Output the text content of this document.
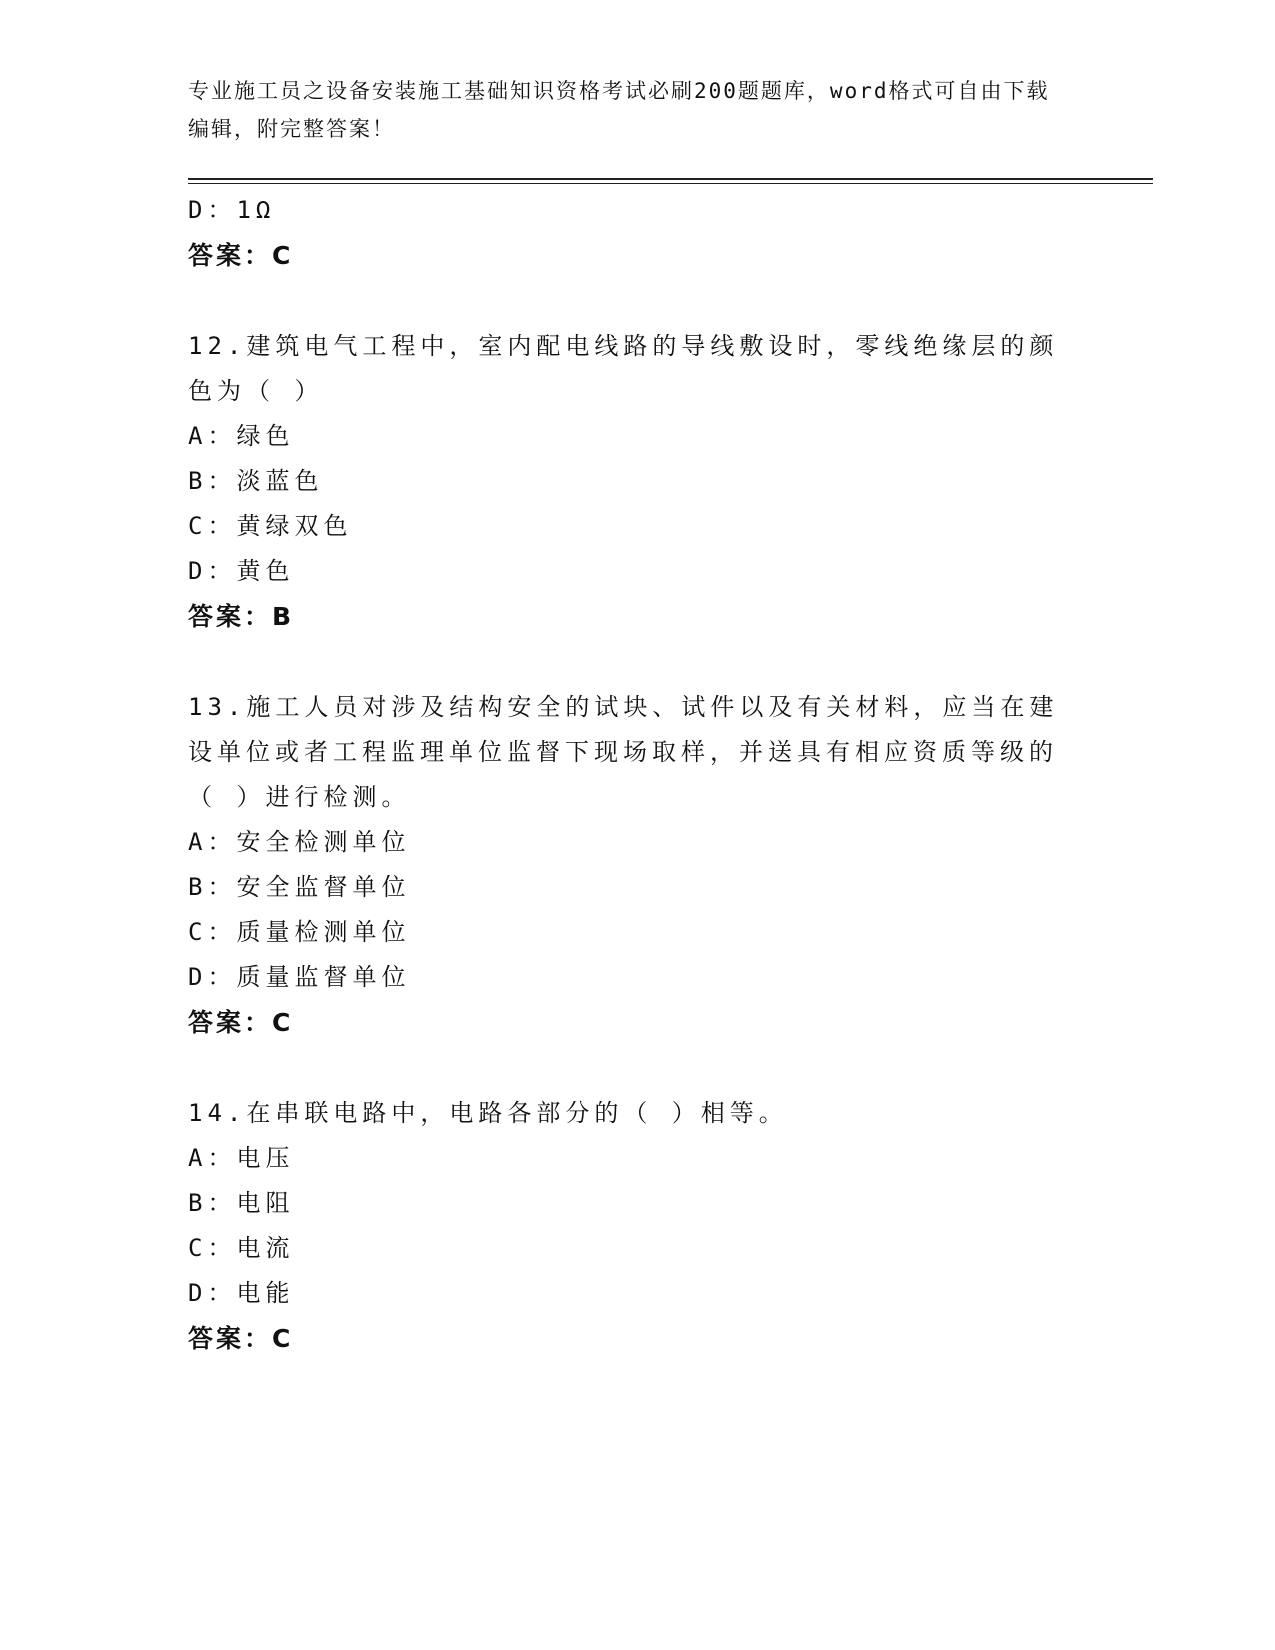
专业施工员之设备安装施工基础知识资格考试必刷200题题库，word格式可自由下载编辑，附完整答案！
D：1Ω
答案：C
12.建筑电气工程中，室内配电线路的导线敷设时，零线绝缘层的颜色为（ ）
A：绿色
B：淡蓝色
C：黄绿双色
D：黄色
答案：B
13.施工人员对涉及结构安全的试块、试件以及有关材料，应当在建设单位或者工程监理单位监督下现场取样，并送具有相应资质等级的（ ）进行检测。
A：安全检测单位
B：安全监督单位
C：质量检测单位
D：质量监督单位
答案：C
14.在串联电路中，电路各部分的（ ）相等。
A：电压
B：电阻
C：电流
D：电能
答案：C
